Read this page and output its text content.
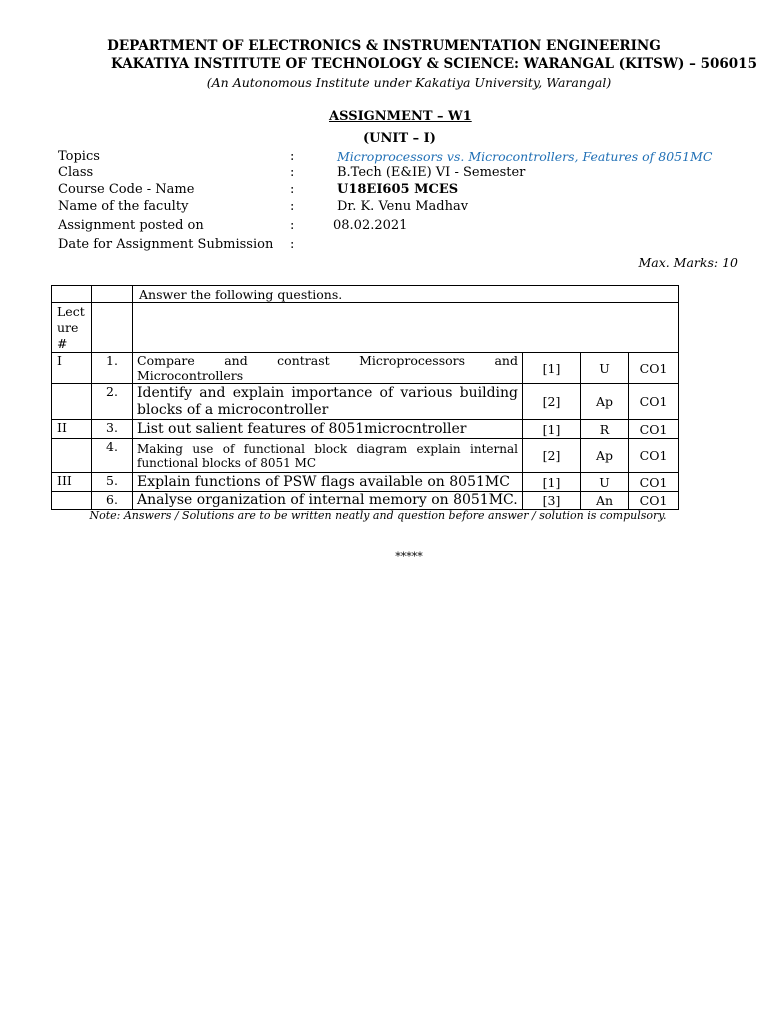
DEPARTMENT OF ELECTRONICS & INSTRUMENTATION ENGINEERING
KAKATIYA INSTITUTE OF TECHNOLOGY & SCIENCE: WARANGAL (KITSW) – 506015
(An Autonomous Institute under Kakatiya University, Warangal)
ASSIGNMENT – W1
(UNIT – I)
Topics	:	Microprocessors vs. Microcontrollers, Features of 8051MC
Class	:	B.Tech (E&IE) VI - Semester
Course Code - Name	:	U18EI605 MCES
Name of the faculty	:	Dr. K. Venu Madhav
Assignment posted on	:	08.02.2021
Date for Assignment Submission :
Max. Marks: 10
		Answer the following questions.			
Lect ure #					
I	1.	Compare and contrast Microprocessors and Microcontrollers	[1]	U	CO1
	2.	Identify and explain importance of various building blocks of a microcontroller	[2]	Ap	CO1
II	3.	List out salient features of 8051microcntroller	[1]	R	CO1
	4.	Making use of functional block diagram explain internal functional blocks of 8051 MC	[2]	Ap	CO1
III	5.	Explain functions of PSW flags available on 8051MC	[1]	U	CO1
	6.	Analyse organization of internal memory on 8051MC.	[3]	An	CO1
Note: Answers / Solutions are to be written neatly and question before answer / solution is compulsory.
*****
